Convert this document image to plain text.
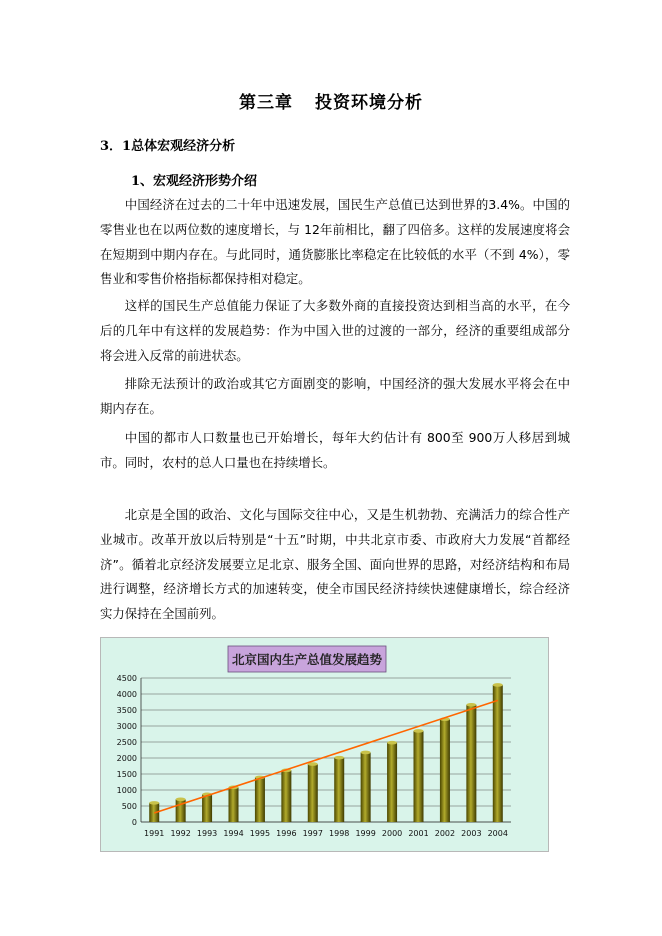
第三章 投资环境分析
3．1总体宏观经济分析
1、宏观经济形势介绍
中国经济在过去的二十年中迅速发展，国民生产总值已达到世界的3.4%。中国的零售业也在以两位数的速度增长，与 12年前相比，翻了四倍多。这样的发展速度将会在短期到中期内存在。与此同时，通货膨胀比率稳定在比较低的水平（不到 4%），零售业和零售价格指标都保持相对稳定。
这样的国民生产总值能力保证了大多数外商的直接投资达到相当高的水平，在今后的几年中有这样的发展趋势：作为中国入世的过渡的一部分，经济的重要组成部分将会进入反常的前进状态。
排除无法预计的政治或其它方面剧变的影响，中国经济的强大发展水平将会在中期内存在。
中国的都市人口数量也已开始增长，每年大约估计有 800至 900万人移居到城市。同时，农村的总人口量也在持续增长。
北京是全国的政治、文化与国际交往中心，又是生机勃勃、充满活力的综合性产业城市。改革开放以后特别是“十五”时期，中共北京市委、市政府大力发展“首都经济”。循着北京经济发展要立足北京、服务全国、面向世界的思路，对经济结构和布局进行调整，经济增长方式的加速转变，使全市国民经济持续快速健康增长，综合经济实力保持在全国前列。
北京国内生产总值发展趋势
0
500
1000
1500
2000
2500
3000
3500
4000
4500
1991 1992 1993 1994 1995 1996 1997 1998 1999 2000 2001 2002 2003 2004
